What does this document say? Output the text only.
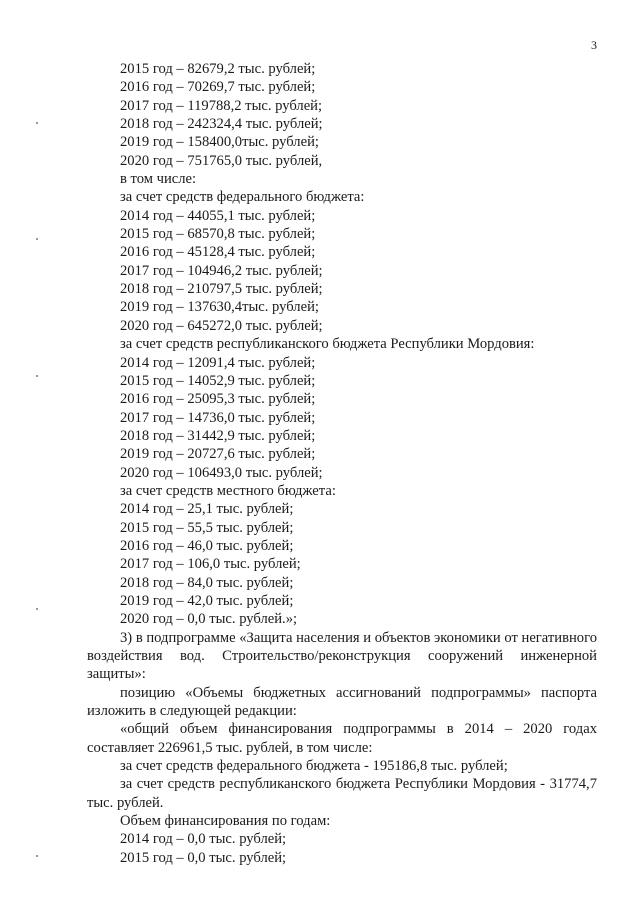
3
2015 год – 82679,2 тыс. рублей;
2016 год – 70269,7 тыс. рублей;
2017 год – 119788,2 тыс. рублей;
2018 год – 242324,4 тыс. рублей;
2019 год – 158400,0тыс. рублей;
2020 год – 751765,0 тыс. рублей,
в том числе:
за счет средств федерального бюджета:
2014 год – 44055,1 тыс. рублей;
2015 год – 68570,8 тыс. рублей;
2016 год – 45128,4 тыс. рублей;
2017 год – 104946,2 тыс. рублей;
2018 год – 210797,5 тыс. рублей;
2019 год – 137630,4тыс. рублей;
2020 год – 645272,0 тыс. рублей;
за счет средств республиканского бюджета Республики Мордовия:
2014 год – 12091,4 тыс. рублей;
2015 год – 14052,9 тыс. рублей;
2016 год – 25095,3 тыс. рублей;
2017 год – 14736,0 тыс. рублей;
2018 год – 31442,9 тыс. рублей;
2019 год – 20727,6 тыс. рублей;
2020 год – 106493,0 тыс. рублей;
за счет средств местного бюджета:
2014 год – 25,1 тыс. рублей;
2015 год – 55,5 тыс. рублей;
2016 год – 46,0 тыс. рублей;
2017 год – 106,0 тыс. рублей;
2018 год – 84,0 тыс. рублей;
2019 год – 42,0 тыс. рублей;
2020 год – 0,0 тыс. рублей.»;
3) в подпрограмме «Защита населения и объектов экономики от негативного воздействия вод. Строительство/реконструкция сооружений инженерной защиты»:
позицию «Объемы бюджетных ассигнований подпрограммы» паспорта изложить в следующей редакции:
«общий объем финансирования подпрограммы в 2014 – 2020 годах составляет 226961,5 тыс. рублей, в том числе:
за счет средств федерального бюджета - 195186,8 тыс. рублей;
за счет средств республиканского бюджета Республики Мордовия - 31774,7 тыс. рублей.
Объем финансирования по годам:
2014 год – 0,0 тыс. рублей;
2015 год – 0,0 тыс. рублей;
